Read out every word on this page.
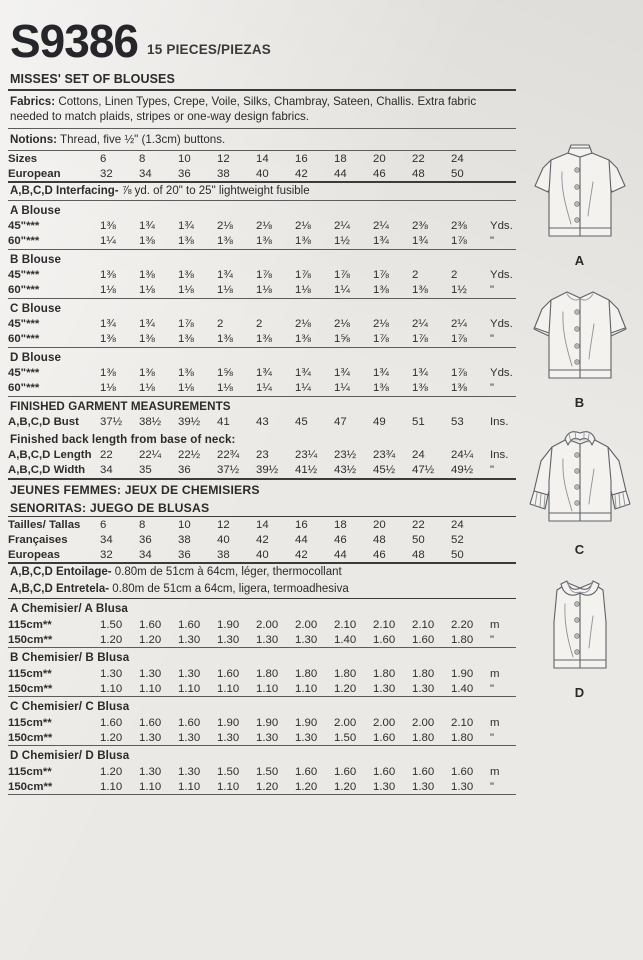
S9386 15 PIECES/PIEZAS
MISSES' SET OF BLOUSES
Fabrics: Cottons, Linen Types, Crepe, Voile, Silks, Chambray, Sateen, Challis. Extra fabric needed to match plaids, stripes or one-way design fabrics.
Notions: Thread, five ½" (1.3cm) buttons.
Sizes	6	8	10	12	14	16	18	20	22	24	
European	32	34	36	38	40	42	44	46	48	50	
A,B,C,D Interfacing- ⅞ yd. of 20" to 25" lightweight fusible
A Blouse
45"***	1⅜	1¾	1¾	2⅛	2⅛	2⅛	2¼	2¼	2⅜	2⅜	Yds.
60"***	1¼	1⅜	1⅜	1⅜	1⅜	1⅜	1½	1¾	1¾	1⅞	"
B Blouse
45"***	1⅜	1⅜	1⅜	1¾	1⅞	1⅞	1⅞	1⅞	2	2	Yds.
60"***	1⅛	1⅛	1⅛	1⅛	1⅛	1⅛	1¼	1⅜	1⅜	1½	"
C Blouse
45"***	1¾	1¾	1⅞	2	2	2⅛	2⅛	2⅛	2¼	2¼	Yds.
60"***	1⅜	1⅜	1⅜	1⅜	1⅜	1⅜	1⅝	1⅞	1⅞	1⅞	"
D Blouse
45"***	1⅜	1⅜	1⅜	1⅝	1¾	1¾	1¾	1¾	1¾	1⅞	Yds.
60"***	1⅛	1⅛	1⅛	1⅛	1¼	1¼	1¼	1⅜	1⅜	1⅜	"
FINISHED GARMENT MEASUREMENTS
A,B,C,D Bust	37½	38½	39½	41	43	45	47	49	51	53	Ins.
Finished back length from base of neck:
A,B,C,D Length	22	22¼	22½	22¾	23	23¼	23½	23¾	24	24¼	Ins.
A,B,C,D Width	34	35	36	37½	39½	41½	43½	45½	47½	49½	"
JEUNES FEMMES: JEUX DE CHEMISIERS
SENORITAS: JUEGO DE BLUSAS
Tailles/ Tallas	6	8	10	12	14	16	18	20	22	24	
Françaises	34	36	38	40	42	44	46	48	50	52	
Europeas	32	34	36	38	40	42	44	46	48	50	
A,B,C,D Entoilage- 0.80m de 51cm à 64cm, léger, thermocollant
A,B,C,D Entretela- 0.80m de 51cm a 64cm, ligera, termoadhesiva
A Chemisier/ A Blusa
115cm**	1.50	1.60	1.60	1.90	2.00	2.00	2.10	2.10	2.10	2.20	m
150cm**	1.20	1.20	1.30	1.30	1.30	1.30	1.40	1.60	1.60	1.80	"
B Chemisier/ B Blusa
115cm**	1.30	1.30	1.30	1.60	1.80	1.80	1.80	1.80	1.80	1.90	m
150cm**	1.10	1.10	1.10	1.10	1.10	1.10	1.20	1.30	1.30	1.40	"
C Chemisier/ C Blusa
115cm**	1.60	1.60	1.60	1.90	1.90	1.90	2.00	2.00	2.00	2.10	m
150cm**	1.20	1.30	1.30	1.30	1.30	1.30	1.50	1.60	1.80	1.80	"
D Chemisier/ D Blusa
115cm**	1.20	1.30	1.30	1.50	1.50	1.60	1.60	1.60	1.60	1.60	m
150cm**	1.10	1.10	1.10	1.10	1.20	1.20	1.20	1.30	1.30	1.30	"
A
B
C
D
